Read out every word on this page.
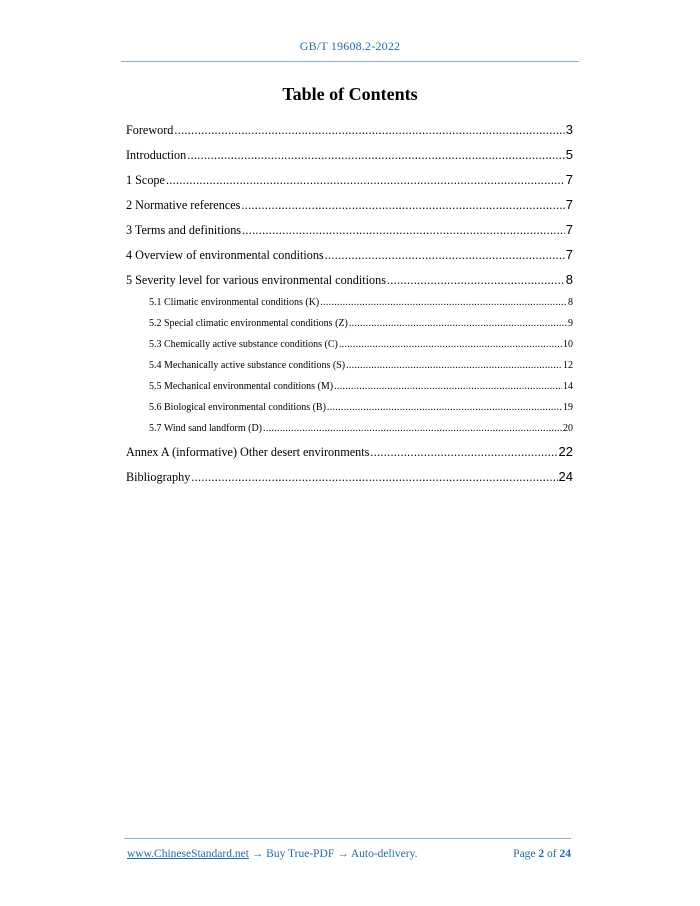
GB/T 19608.2-2022
Table of Contents
Foreword .....	3
Introduction .....	5
1 Scope .....	7
2 Normative references .....	7
3 Terms and definitions .....	7
4 Overview of environmental conditions .....	7
5 Severity level for various environmental conditions .....	8
5.1 Climatic environmental conditions (K) .....	8
5.2 Special climatic environmental conditions (Z) .....	9
5.3 Chemically active substance conditions (C) .....	10
5.4 Mechanically active substance conditions (S) .....	12
5.5 Mechanical environmental conditions (M) .....	14
5.6 Biological environmental conditions (B) .....	19
5.7 Wind sand landform (D) .....	20
Annex A (informative) Other desert environments .....	22
Bibliography .....	24
www.ChineseStandard.net → Buy True-PDF → Auto-delivery.	Page 2 of 24
